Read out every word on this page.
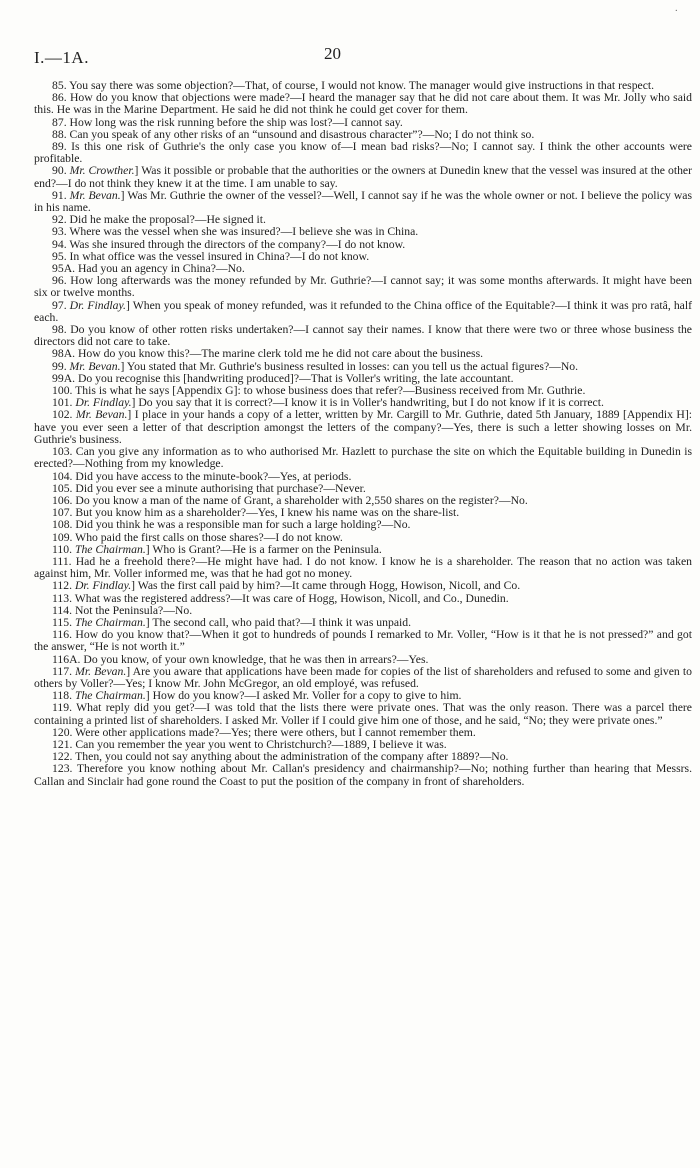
·
I.—1A.	20

85. You say there was some objection?—That, of course, I would not know. The manager would give instructions in that respect.

86. How do you know that objections were made?—I heard the manager say that he did not care about them. It was Mr. Jolly who said this. He was in the Marine Department. He said he did not think he could get cover for them.

87. How long was the risk running before the ship was lost?—I cannot say.

88. Can you speak of any other risks of an “unsound and disastrous character”?—No; I do not think so.

89. Is this one risk of Guthrie's the only case you know of—I mean bad risks?—No; I cannot say. I think the other accounts were profitable.

90. Mr. Crowther.] Was it possible or probable that the authorities or the owners at Dunedin knew that the vessel was insured at the other end?—I do not think they knew it at the time. I am unable to say.

91. Mr. Bevan.] Was Mr. Guthrie the owner of the vessel?—Well, I cannot say if he was the whole owner or not. I believe the policy was in his name.

92. Did he make the proposal?—He signed it.

93. Where was the vessel when she was insured?—I believe she was in China.

94. Was she insured through the directors of the company?—I do not know.

95. In what office was the vessel insured in China?—I do not know.

95A. Had you an agency in China?—No.

96. How long afterwards was the money refunded by Mr. Guthrie?—I cannot say; it was some months afterwards. It might have been six or twelve months.

97. Dr. Findlay.] When you speak of money refunded, was it refunded to the China office of the Equitable?—I think it was pro ratâ, half each.

98. Do you know of other rotten risks undertaken?—I cannot say their names. I know that there were two or three whose business the directors did not care to take.

98A. How do you know this?—The marine clerk told me he did not care about the business.

99. Mr. Bevan.] You stated that Mr. Guthrie's business resulted in losses: can you tell us the actual figures?—No.

99A. Do you recognise this [handwriting produced]?—That is Voller's writing, the late accountant.

100. This is what he says [Appendix G]: to whose business does that refer?—Business received from Mr. Guthrie.

101. Dr. Findlay.] Do you say that it is correct?—I know it is in Voller's handwriting, but I do not know if it is correct.

102. Mr. Bevan.] I place in your hands a copy of a letter, written by Mr. Cargill to Mr. Guthrie, dated 5th January, 1889 [Appendix H]: have you ever seen a letter of that description amongst the letters of the company?—Yes, there is such a letter showing losses on Mr. Guthrie's business.

103. Can you give any information as to who authorised Mr. Hazlett to purchase the site on which the Equitable building in Dunedin is erected?—Nothing from my knowledge.

104. Did you have access to the minute-book?—Yes, at periods.

105. Did you ever see a minute authorising that purchase?—Never.

106. Do you know a man of the name of Grant, a shareholder with 2,550 shares on the register?—No.

107. But you know him as a shareholder?—Yes, I knew his name was on the share-list.

108. Did you think he was a responsible man for such a large holding?—No.

109. Who paid the first calls on those shares?—I do not know.

110. The Chairman.] Who is Grant?—He is a farmer on the Peninsula.

111. Had he a freehold there?—He might have had. I do not know. I know he is a shareholder. The reason that no action was taken against him, Mr. Voller informed me, was that he had got no money.

112. Dr. Findlay.] Was the first call paid by him?—It came through Hogg, Howison, Nicoll, and Co.

113. What was the registered address?—It was care of Hogg, Howison, Nicoll, and Co., Dunedin.

114. Not the Peninsula?—No.

115. The Chairman.] The second call, who paid that?—I think it was unpaid.

116. How do you know that?—When it got to hundreds of pounds I remarked to Mr. Voller, “How is it that he is not pressed?” and got the answer, “He is not worth it.”

116A. Do you know, of your own knowledge, that he was then in arrears?—Yes.

117. Mr. Bevan.] Are you aware that applications have been made for copies of the list of shareholders and refused to some and given to others by Voller?—Yes; I know Mr. John McGregor, an old employé, was refused.

118. The Chairman.] How do you know?—I asked Mr. Voller for a copy to give to him.

119. What reply did you get?—I was told that the lists there were private ones. That was the only reason. There was a parcel there containing a printed list of shareholders. I asked Mr. Voller if I could give him one of those, and he said, “No; they were private ones.”

120. Were other applications made?—Yes; there were others, but I cannot remember them.

121. Can you remember the year you went to Christchurch?—1889, I believe it was.

122. Then, you could not say anything about the administration of the company after 1889?—No.

123. Therefore you know nothing about Mr. Callan's presidency and chairmanship?—No; nothing further than hearing that Messrs. Callan and Sinclair had gone round the Coast to put the position of the company in front of shareholders.
